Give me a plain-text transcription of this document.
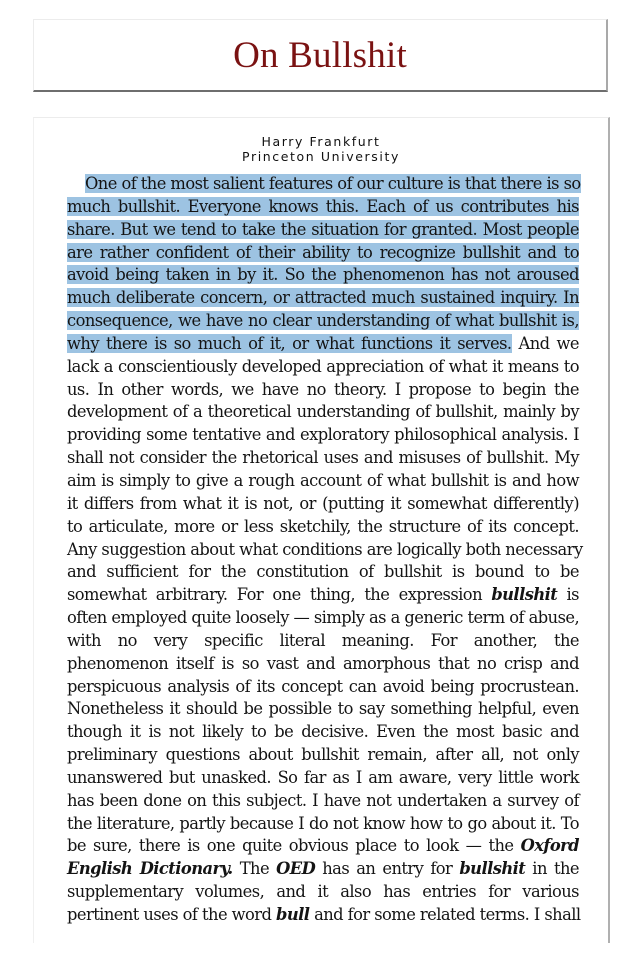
On Bullshit
Harry Frankfurt
Princeton University
One of the most salient features of our culture is that there is so
much bullshit. Everyone knows this. Each of us contributes his
share. But we tend to take the situation for granted. Most people
are rather confident of their ability to recognize bullshit and to
avoid being taken in by it. So the phenomenon has not aroused
much deliberate concern, or attracted much sustained inquiry. In
consequence, we have no clear understanding of what bullshit is,
why there is so much of it, or what functions it serves. And we
lack a conscientiously developed appreciation of what it means to
us. In other words, we have no theory. I propose to begin the
development of a theoretical understanding of bullshit, mainly by
providing some tentative and exploratory philosophical analysis. I
shall not consider the rhetorical uses and misuses of bullshit. My
aim is simply to give a rough account of what bullshit is and how
it differs from what it is not, or (putting it somewhat differently)
to articulate, more or less sketchily, the structure of its concept.
Any suggestion about what conditions are logically both necessary
and sufficient for the constitution of bullshit is bound to be
somewhat arbitrary. For one thing, the expression bullshit is
often employed quite loosely — simply as a generic term of abuse,
with no very specific literal meaning. For another, the
phenomenon itself is so vast and amorphous that no crisp and
perspicuous analysis of its concept can avoid being procrustean.
Nonetheless it should be possible to say something helpful, even
though it is not likely to be decisive. Even the most basic and
preliminary questions about bullshit remain, after all, not only
unanswered but unasked. So far as I am aware, very little work
has been done on this subject. I have not undertaken a survey of
the literature, partly because I do not know how to go about it. To
be sure, there is one quite obvious place to look — the Oxford
English Dictionary. The OED has an entry for bullshit in the
supplementary volumes, and it also has entries for various
pertinent uses of the word bull and for some related terms. I shall
